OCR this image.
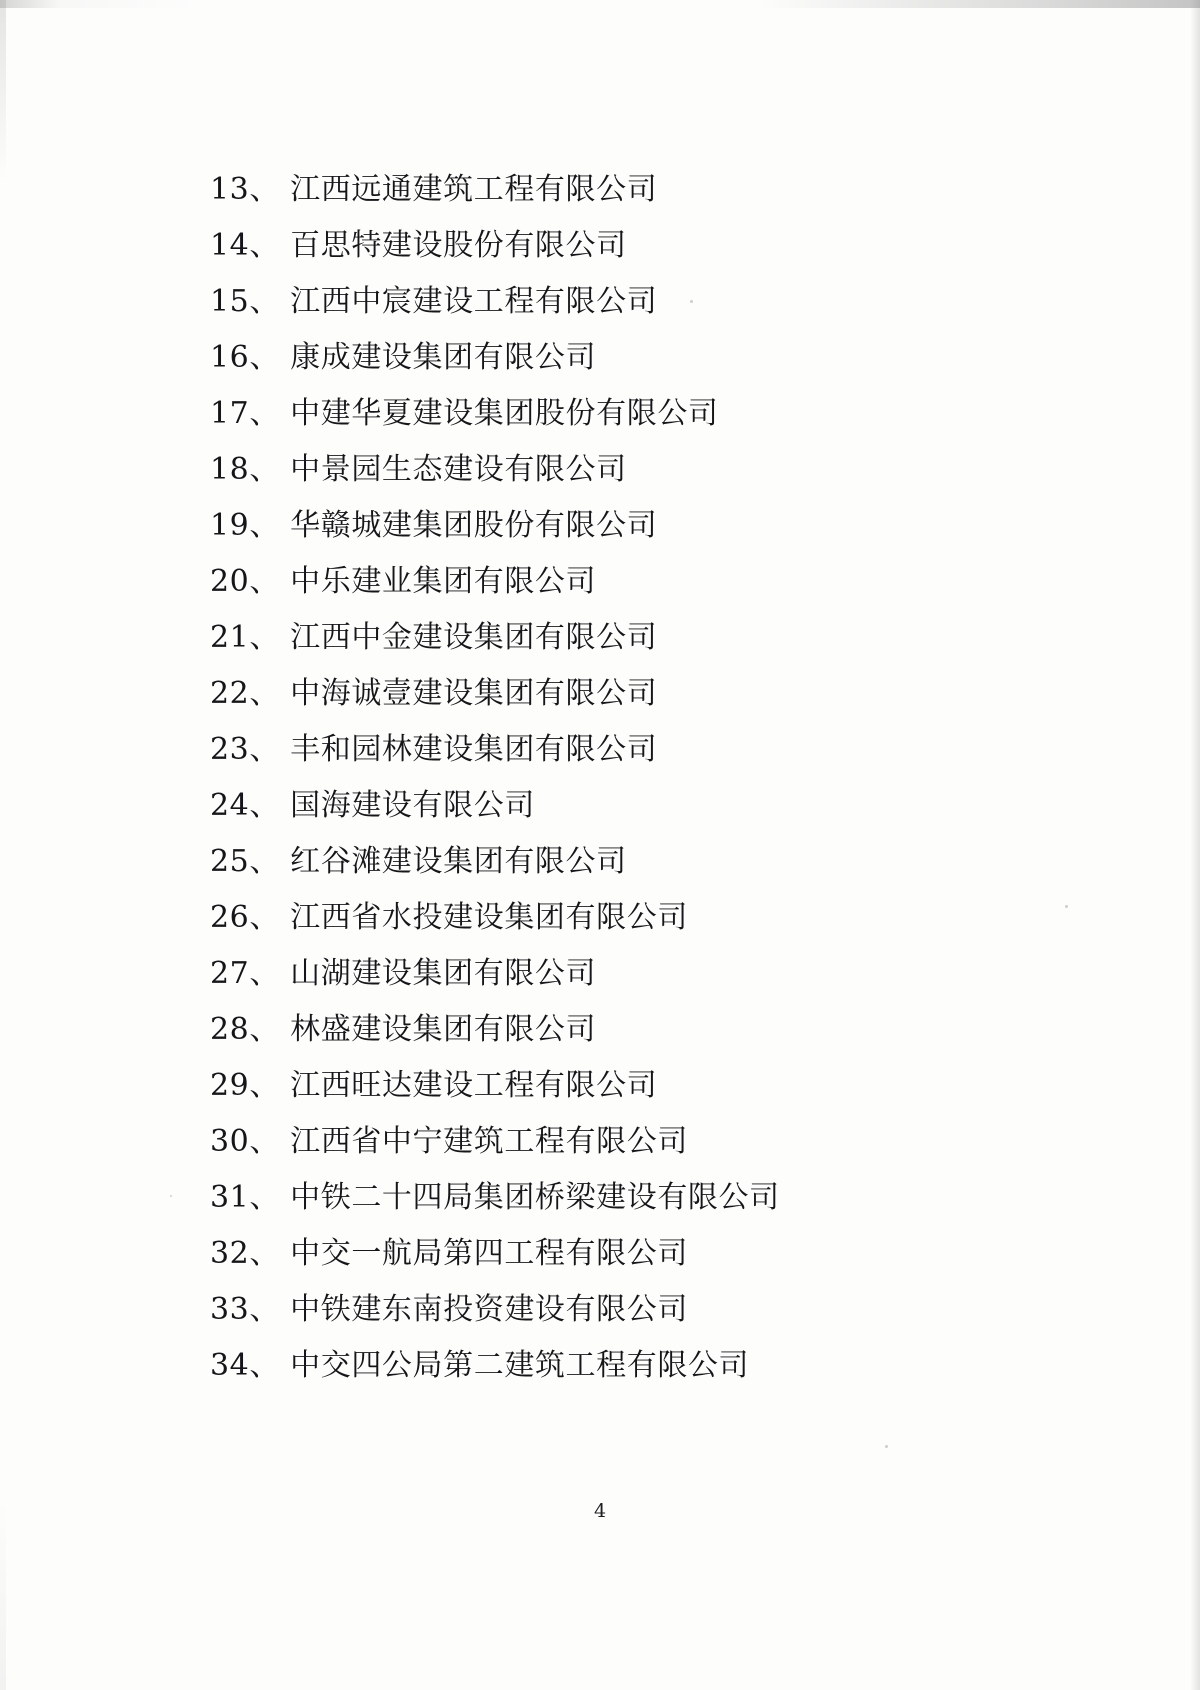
13、 江西远通建筑工程有限公司
14、 百思特建设股份有限公司
15、 江西中宸建设工程有限公司
16、 康成建设集团有限公司
17、 中建华夏建设集团股份有限公司
18、 中景园生态建设有限公司
19、 华赣城建集团股份有限公司
20、 中乐建业集团有限公司
21、 江西中金建设集团有限公司
22、 中海诚壹建设集团有限公司
23、 丰和园林建设集团有限公司
24、 国海建设有限公司
25、 红谷滩建设集团有限公司
26、 江西省水投建设集团有限公司
27、 山湖建设集团有限公司
28、 林盛建设集团有限公司
29、 江西旺达建设工程有限公司
30、 江西省中宁建筑工程有限公司
31、 中铁二十四局集团桥梁建设有限公司
32、 中交一航局第四工程有限公司
33、 中铁建东南投资建设有限公司
34、 中交四公局第二建筑工程有限公司
4
